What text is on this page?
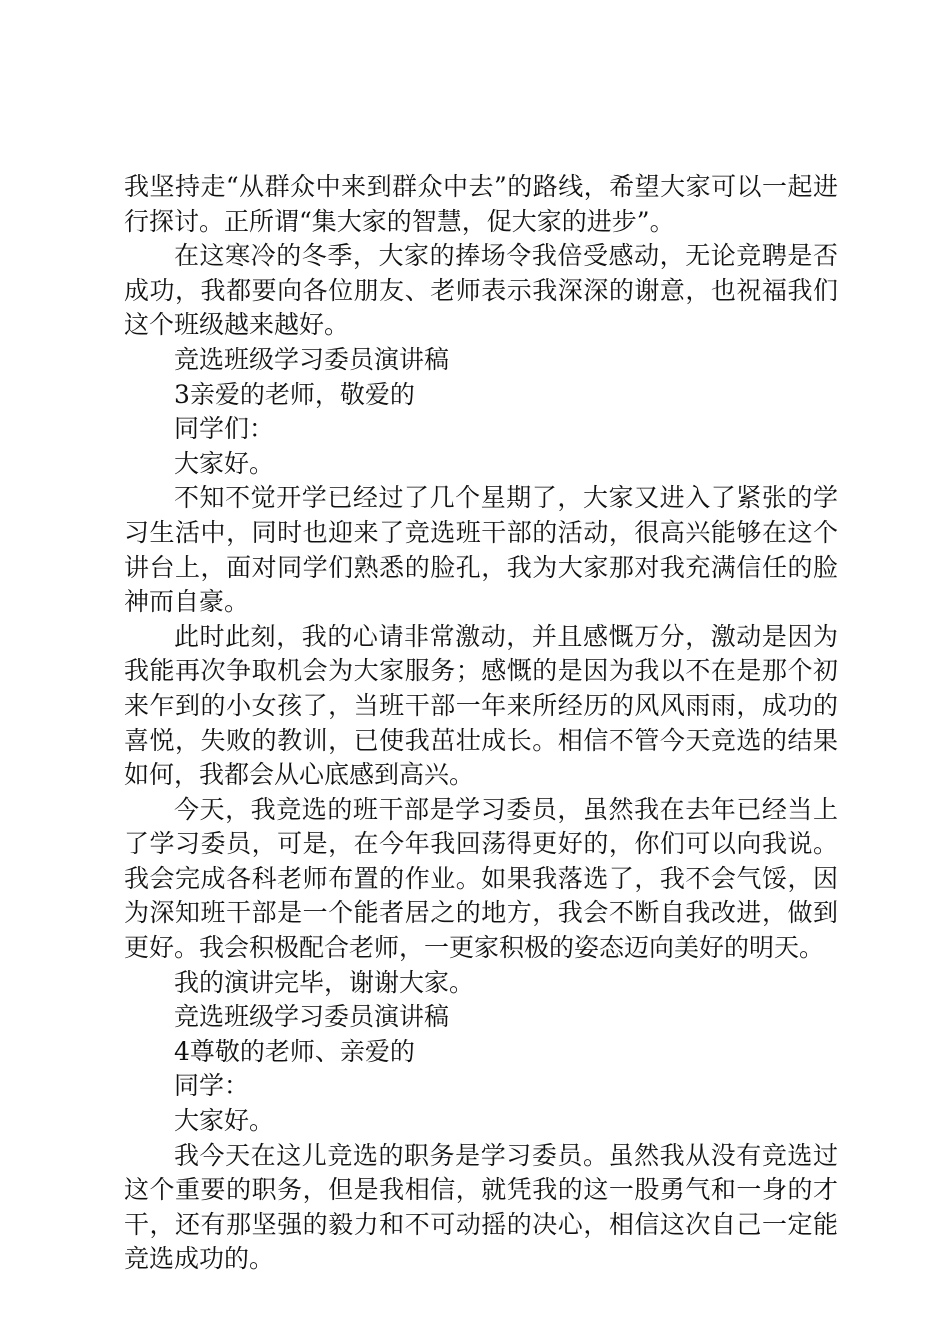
我坚持走“从群众中来到群众中去”的路线，希望大家可以一起进行探讨。正所谓“集大家的智慧，促大家的进步”。

在这寒冷的冬季，大家的捧场令我倍受感动，无论竞聘是否成功，我都要向各位朋友、老师表示我深深的谢意，也祝福我们这个班级越来越好。

竞选班级学习委员演讲稿

3亲爱的老师，敬爱的

同学们：

大家好。

不知不觉开学已经过了几个星期了，大家又进入了紧张的学习生活中，同时也迎来了竞选班干部的活动，很高兴能够在这个讲台上，面对同学们熟悉的脸孔，我为大家那对我充满信任的脸神而自豪。

此时此刻，我的心请非常激动，并且感慨万分，激动是因为我能再次争取机会为大家服务；感慨的是因为我以不在是那个初来乍到的小女孩了，当班干部一年来所经历的风风雨雨，成功的喜悦，失败的教训，已使我茁壮成长。相信不管今天竞选的结果如何，我都会从心底感到高兴。

今天，我竞选的班干部是学习委员，虽然我在去年已经当上了学习委员，可是，在今年我回荡得更好的，你们可以向我说。我会完成各科老师布置的作业。如果我落选了，我不会气馁，因为深知班干部是一个能者居之的地方，我会不断自我改进，做到更好。我会积极配合老师，一更家积极的姿态迈向美好的明天。

我的演讲完毕，谢谢大家。

竞选班级学习委员演讲稿

4尊敬的老师、亲爱的

同学：

大家好。

我今天在这儿竞选的职务是学习委员。虽然我从没有竞选过这个重要的职务，但是我相信，就凭我的这一股勇气和一身的才干，还有那坚强的毅力和不可动摇的决心，相信这次自己一定能竞选成功的。
